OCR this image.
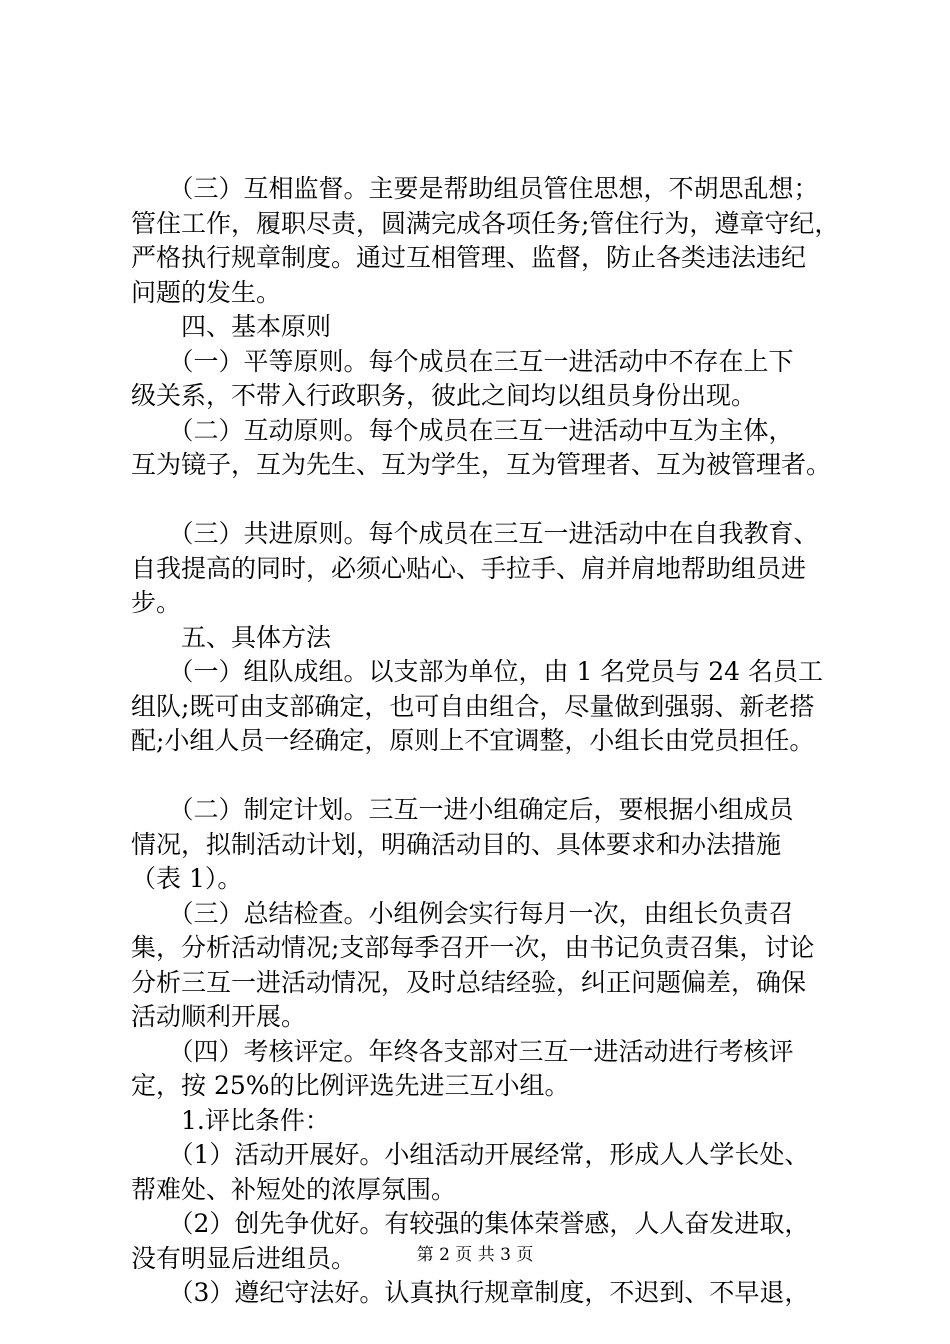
　　（三）互相监督。主要是帮助组员管住思想，不胡思乱想；
管住工作，履职尽责，圆满完成各项任务;管住行为，遵章守纪，
严格执行规章制度。通过互相管理、监督，防止各类违法违纪
问题的发生。
　　四、基本原则
　　（一）平等原则。每个成员在三互一进活动中不存在上下
级关系，不带入行政职务，彼此之间均以组员身份出现。
　　（二）互动原则。每个成员在三互一进活动中互为主体，
互为镜子，互为先生、互为学生，互为管理者、互为被管理者。
　　（三）共进原则。每个成员在三互一进活动中在自我教育、
自我提高的同时，必须心贴心、手拉手、肩并肩地帮助组员进
步。
　　五、具体方法
　　（一）组队成组。以支部为单位，由 1 名党员与 24 名员工
组队;既可由支部确定，也可自由组合，尽量做到强弱、新老搭
配;小组人员一经确定，原则上不宜调整，小组长由党员担任。
　　（二）制定计划。三互一进小组确定后，要根据小组成员
情况，拟制活动计划，明确活动目的、具体要求和办法措施
（表 1）。
　　（三）总结检查。小组例会实行每月一次，由组长负责召
集，分析活动情况;支部每季召开一次，由书记负责召集，讨论
分析三互一进活动情况，及时总结经验，纠正问题偏差，确保
活动顺利开展。
　　（四）考核评定。年终各支部对三互一进活动进行考核评
定，按 25%的比例评选先进三互小组。
　　1.评比条件：
　　（1）活动开展好。小组活动开展经常，形成人人学长处、
帮难处、补短处的浓厚氛围。
　　（2）创先争优好。有较强的集体荣誉感，人人奋发进取，
没有明显后进组员。
　　（3）遵纪守法好。认真执行规章制度，不迟到、不早退，
第 2 页 共 3 页
